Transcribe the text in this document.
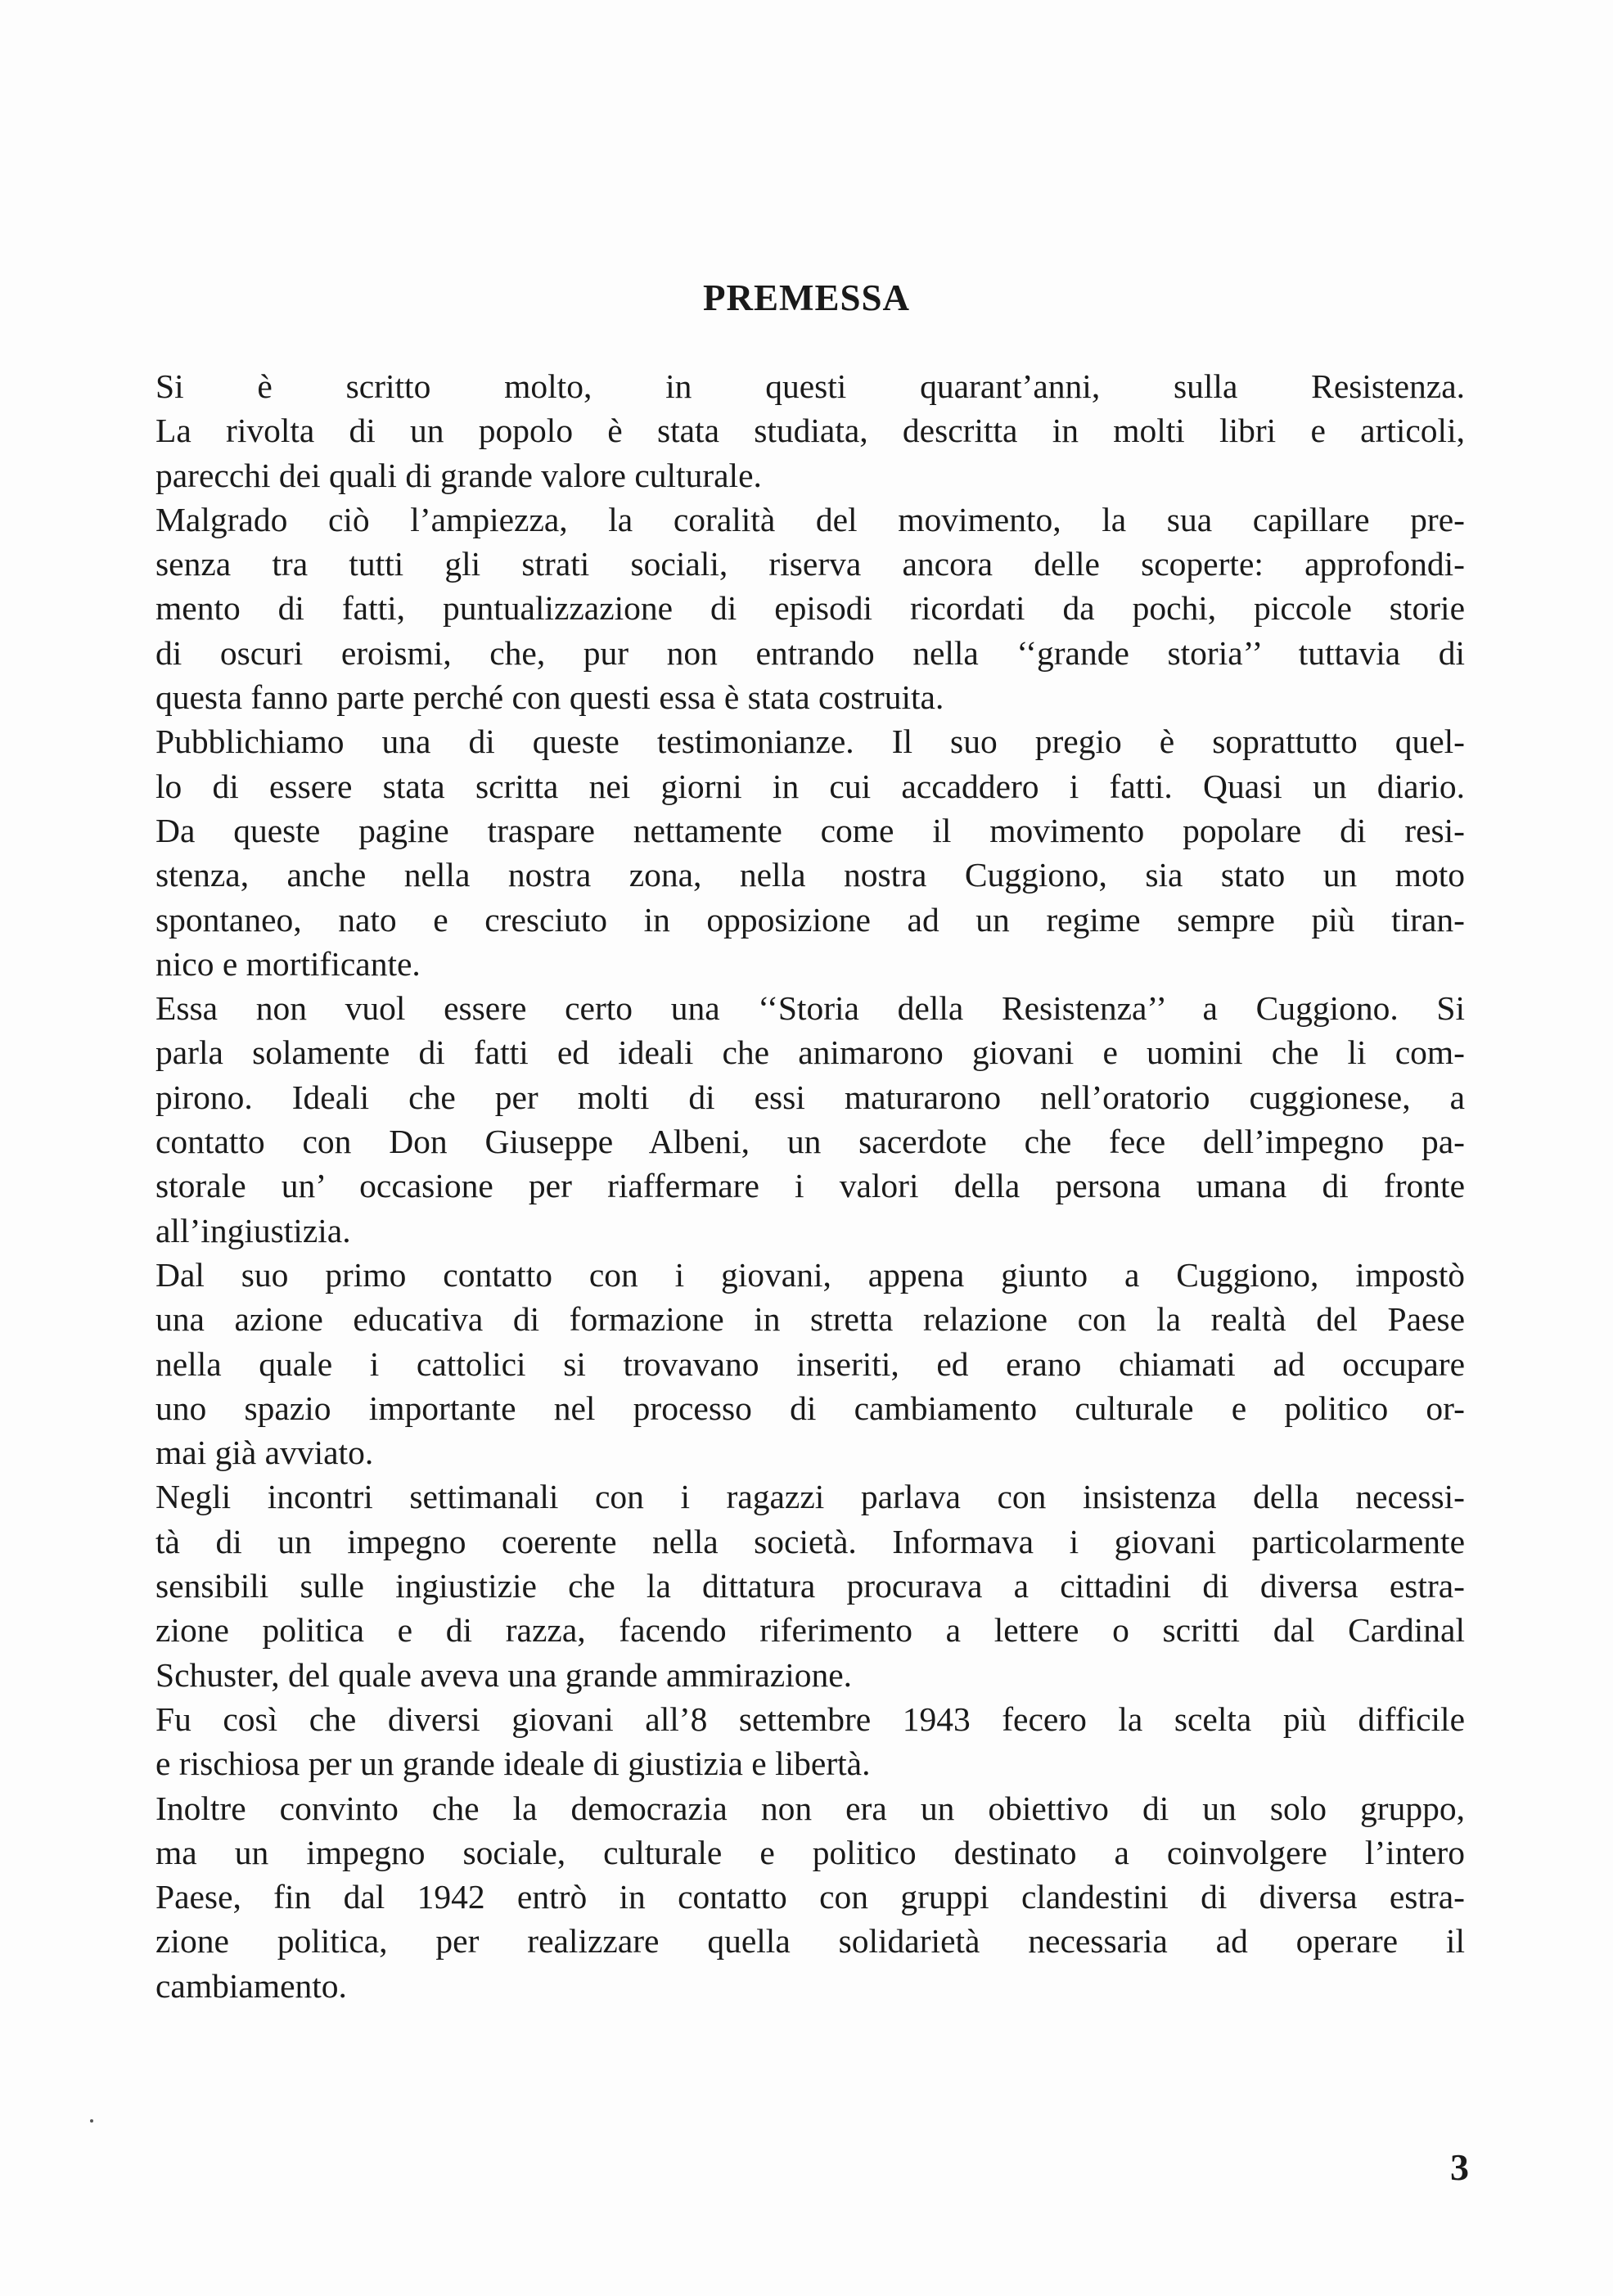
PREMESSA
Si è scritto molto, in questi quarant’anni, sulla Resistenza.
La rivolta di un popolo è stata studiata, descritta in molti libri e articoli,
parecchi dei quali di grande valore culturale.
Malgrado ciò l’ampiezza, la coralità del movimento, la sua capillare pre-
senza tra tutti gli strati sociali, riserva ancora delle scoperte: approfondi-
mento di fatti, puntualizzazione di episodi ricordati da pochi, piccole storie
di oscuri eroismi, che, pur non entrando nella ‘‘grande storia’’ tuttavia di
questa fanno parte perché con questi essa è stata costruita.
Pubblichiamo una di queste testimonianze. Il suo pregio è soprattutto quel-
lo di essere stata scritta nei giorni in cui accaddero i fatti. Quasi un diario.
Da queste pagine traspare nettamente come il movimento popolare di resi-
stenza, anche nella nostra zona, nella nostra Cuggiono, sia stato un moto
spontaneo, nato e cresciuto in opposizione ad un regime sempre più tiran-
nico e mortificante.
Essa non vuol essere certo una ‘‘Storia della Resistenza’’ a Cuggiono. Si
parla solamente di fatti ed ideali che animarono giovani e uomini che li com-
pirono. Ideali che per molti di essi maturarono nell’oratorio cuggionese, a
contatto con Don Giuseppe Albeni, un sacerdote che fece dell’impegno pa-
storale un’ occasione per riaffermare i valori della persona umana di fronte
all’ingiustizia.
Dal suo primo contatto con i giovani, appena giunto a Cuggiono, impostò
una azione educativa di formazione in stretta relazione con la realtà del Paese
nella quale i cattolici si trovavano inseriti, ed erano chiamati ad occupare
uno spazio importante nel processo di cambiamento culturale e politico or-
mai già avviato.
Negli incontri settimanali con i ragazzi parlava con insistenza della necessi-
tà di un impegno coerente nella società. Informava i giovani particolarmente
sensibili sulle ingiustizie che la dittatura procurava a cittadini di diversa estra-
zione politica e di razza, facendo riferimento a lettere o scritti dal Cardinal
Schuster, del quale aveva una grande ammirazione.
Fu così che diversi giovani all’8 settembre 1943 fecero la scelta più difficile
e rischiosa per un grande ideale di giustizia e libertà.
Inoltre convinto che la democrazia non era un obiettivo di un solo gruppo,
ma un impegno sociale, culturale e politico destinato a coinvolgere l’intero
Paese, fin dal 1942 entrò in contatto con gruppi clandestini di diversa estra-
zione politica, per realizzare quella solidarietà necessaria ad operare il
cambiamento.
3
